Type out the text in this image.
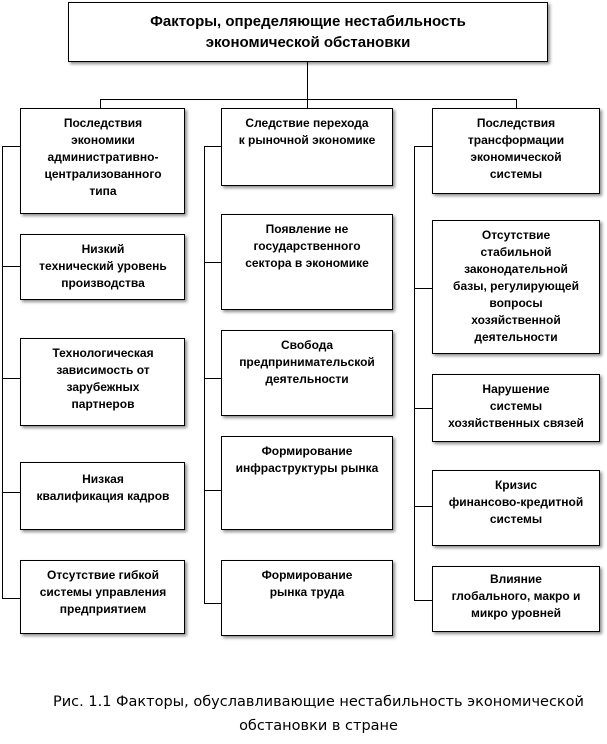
Факторы, определяющие нестабильность
экономической обстановки
Последствия
экономики
административно-
централизованного
типа
Низкий
технический уровень
производства
Технологическая
зависимость от
зарубежных
партнеров
Низкая
квалификация кадров
Отсутствие гибкой
системы управления
предприятием
Следствие перехода
к рыночной экономике
Появление не
государственного
сектора в экономике
Свобода
предпринимательской
деятельности
Формирование
инфраструктуры рынка
Формирование
рынка труда
Последствия
трансформации
экономической
системы
Отсутствие
стабильной
законодательной
базы, регулирующей
вопросы
хозяйственной
деятельности
Нарушение
системы
хозяйственных связей
Кризис
финансово-кредитной
системы
Влияние
глобального, макро и
микро уровней
Рис. 1.1 Факторы, обуславливающие нестабильность экономической
обстановки в стране
